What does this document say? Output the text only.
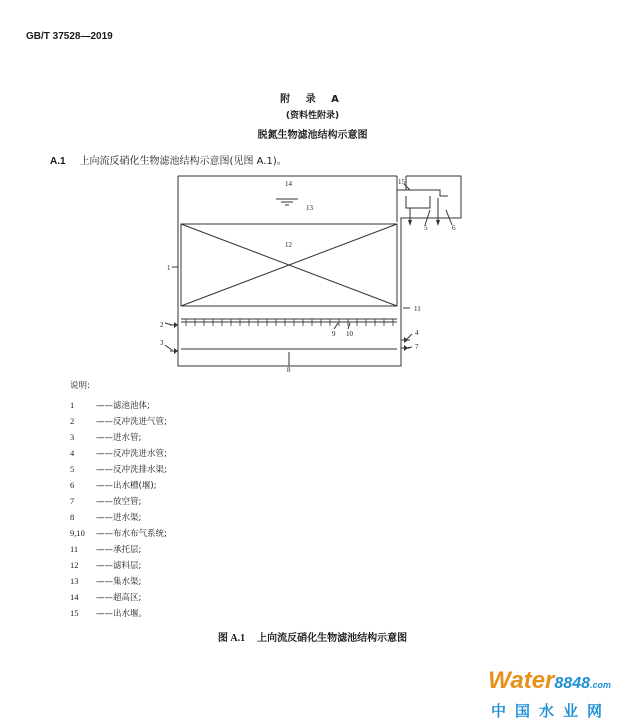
GB/T 37528—2019
附 录 A
(资料性附录)
脱氮生物滤池结构示意图
A.1 上向流反硝化生物滤池结构示意图(见图 A.1)。
1
2
3
4
5	6
7
8
9 10
11
12
13
14	15
说明:
1	——滤池池体;
2	——反冲洗进气管;
3	——进水管;
4	——反冲洗进水管;
5	——反冲洗排水渠;
6	——出水槽(堰);
7	——放空管;
8	——进水渠;
9,10 ——布水布气系统;
11 ——承托层;
12 ——滤料层;
13 ——集水渠;
14 ——超高区;
15 ——出水堰。
图 A.1 上向流反硝化生物滤池结构示意图
Water8848.com
中国水业网
